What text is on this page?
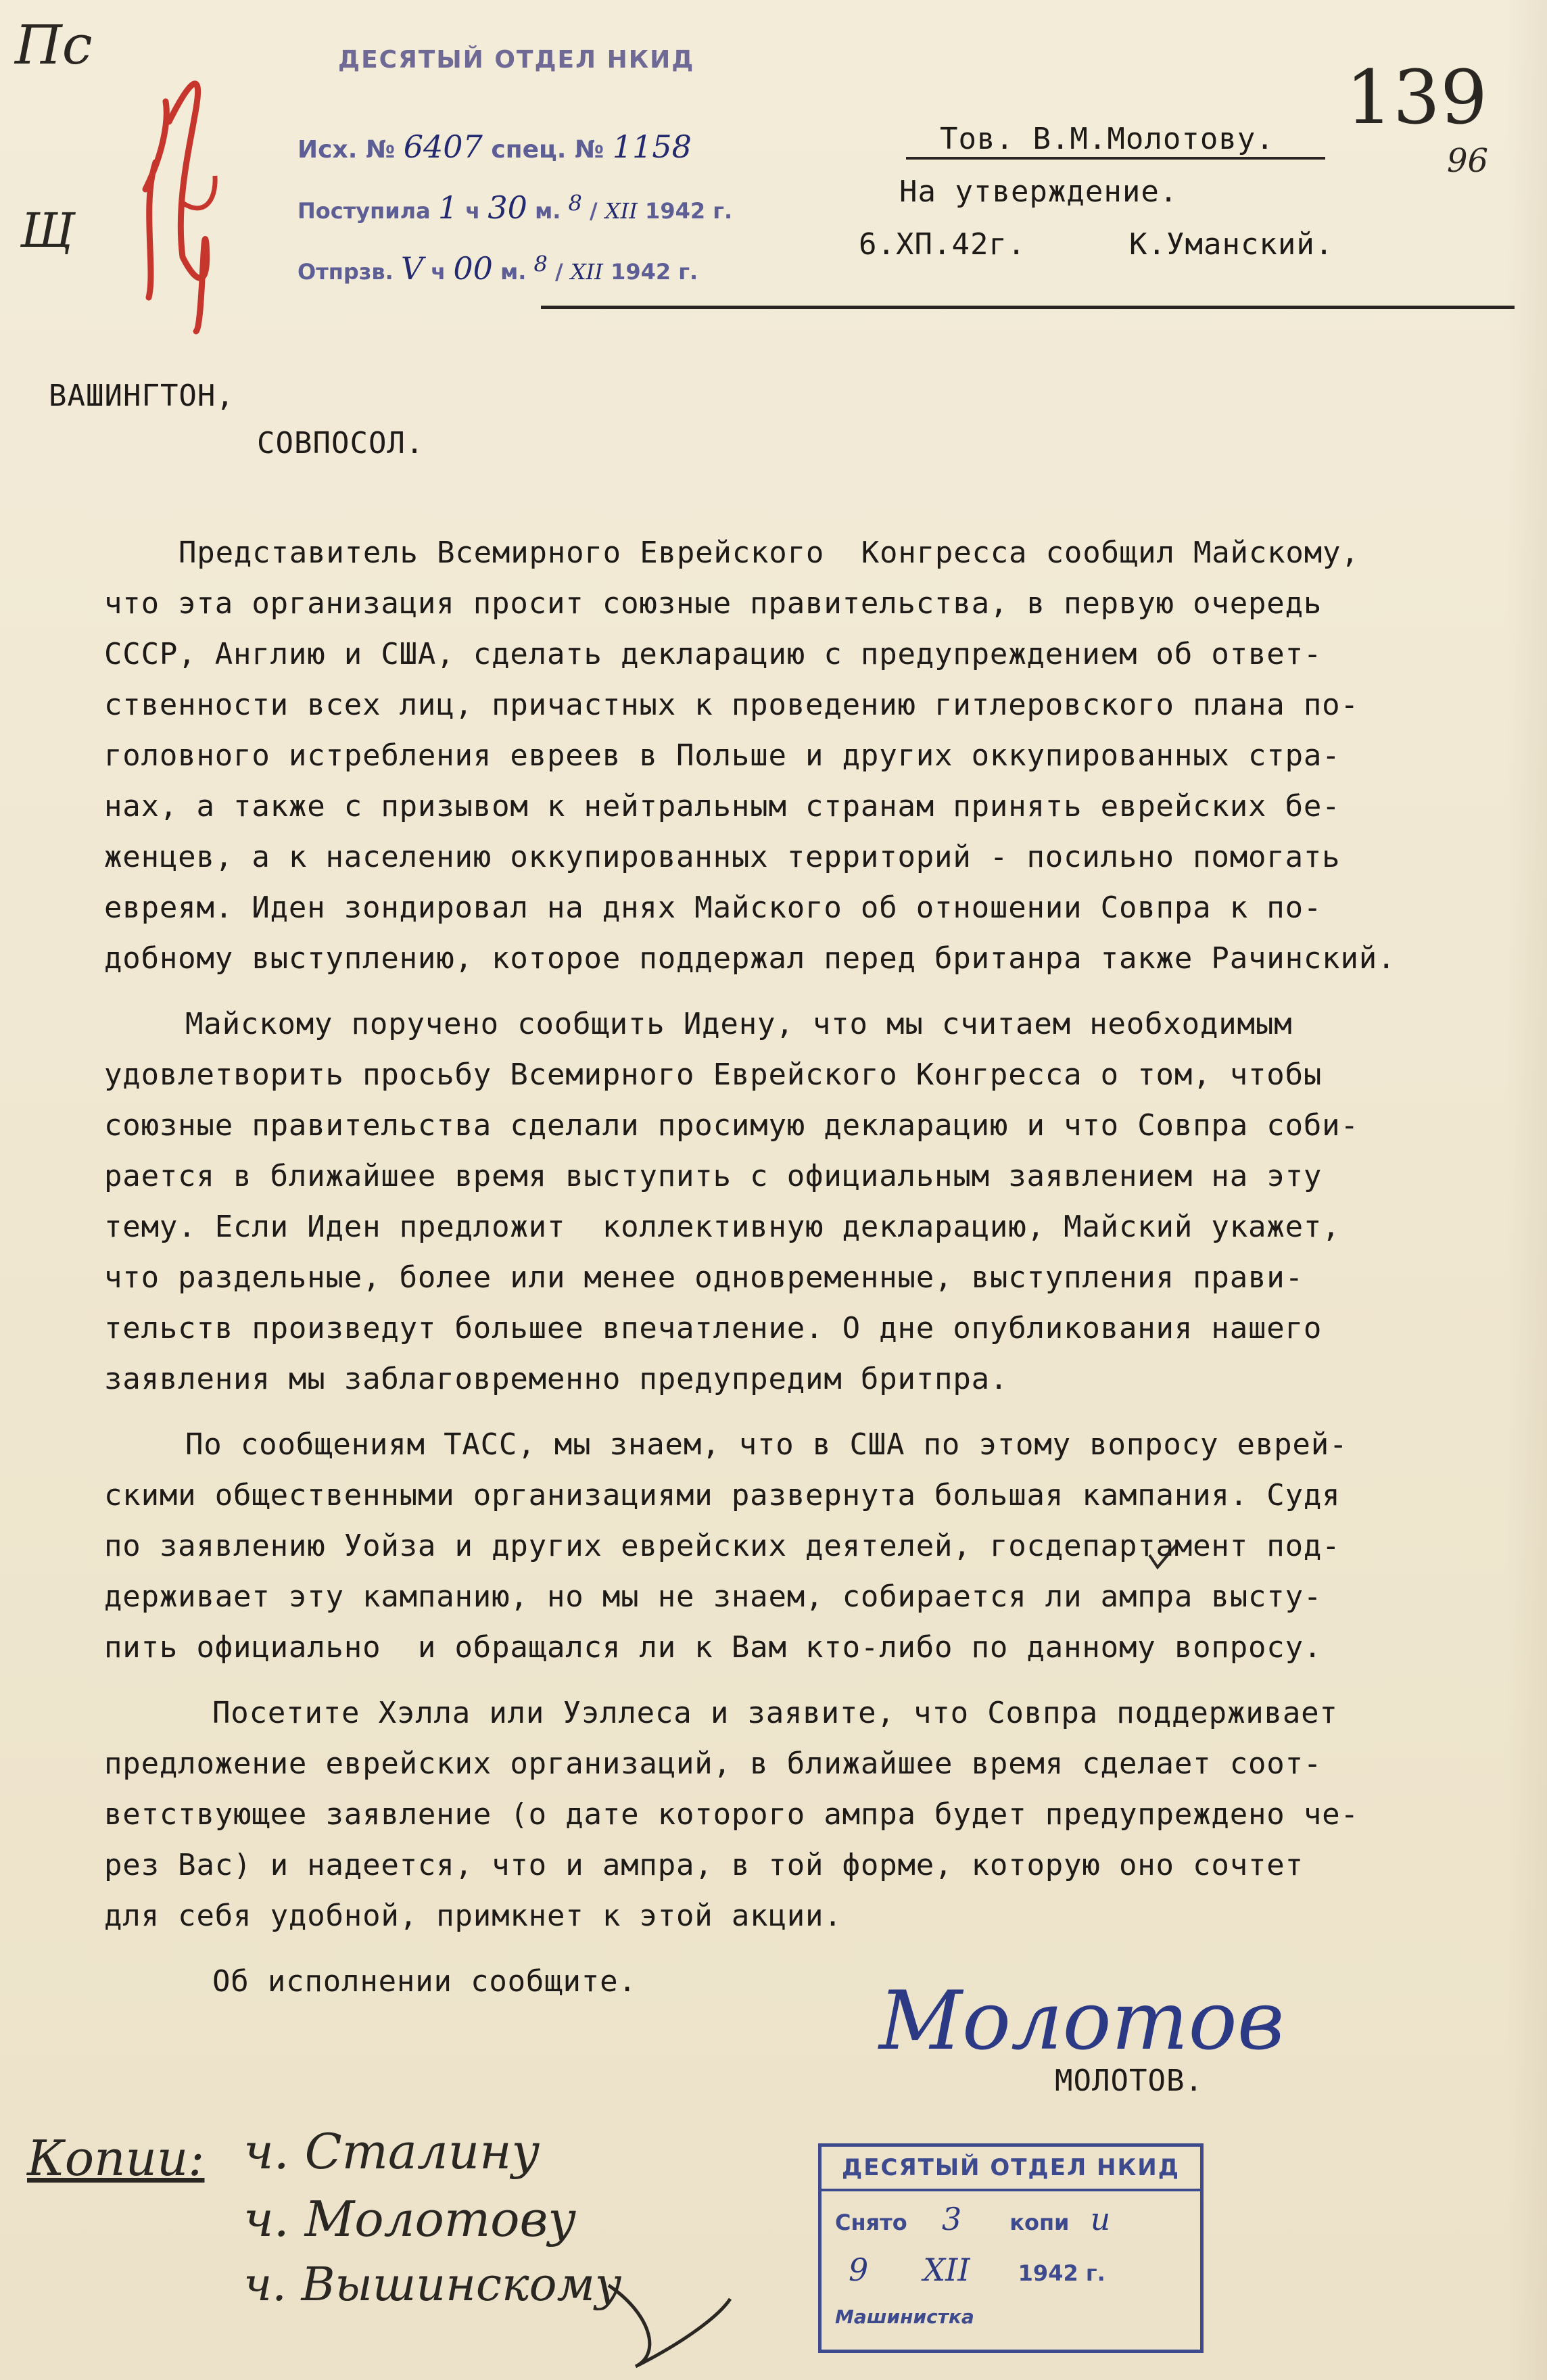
Пс
Щ
ДЕСЯТЫЙ ОТДЕЛ НКИД
Исх. № 6407 спец. № 1158
Поступила 1 ч 30 м. 8 / XII 1942 г.
Отпрзв. V ч 00 м. 8 / XII 1942 г.
Тов. В.М.Молотову.
На утверждение.
6.ХП.42г.	К.Уманский.
139
96
ВАШИНГТОН,
СОВПОСОЛ.
Представитель Всемирного Еврейского  Конгресса сообщил Майскому,
что эта организация просит союзные правительства, в первую очередь
СССР, Англию и США, сделать декларацию с предупреждением об ответ-
ственности всех лиц, причастных к проведению гитлеровского плана по-
головного истребления евреев в Польше и других оккупированных стра-
нах, а также с призывом к нейтральным странам принять еврейских бе-
женцев, а к населению оккупированных территорий - посильно помогать
евреям. Иден зондировал на днях Майского об отношении Совпра к по-
добному выступлению, которое поддержал перед британра также Рачинский.
Майскому поручено сообщить Идену, что мы считаем необходимым
удовлетворить просьбу Всемирного Еврейского Конгресса о том, чтобы
союзные правительства сделали просимую декларацию и что Совпра соби-
рается в ближайшее время выступить с официальным заявлением на эту
тему. Если Иден предложит  коллективную декларацию, Майский укажет,
что раздельные, более или менее одновременные, выступления прави-
тельств произведут большее впечатление. О дне опубликования нашего
заявления мы заблаговременно предупредим бритпра.
По сообщениям ТАСС, мы знаем, что в США по этому вопросу еврей-
скими общественными организациями развернута большая кампания. Судя
по заявлению Уойза и других еврейских деятелей, госдепартамент под-
держивает эту кампанию, но мы не знаем, собирается ли ампра высту-
пить официально  и обращался ли к Вам кто-либо по данному вопросу.
Посетите Хэлла или Уэллеса и заявите, что Совпра поддерживает
предложение еврейских организаций, в ближайшее время сделает соот-
ветствующее заявление (о дате которого ампра будет предупреждено че-
рез Вас) и надеется, что и ампра, в той форме, которую оно сочтет
для себя удобной, примкнет к этой акции.
Об исполнении сообщите.	Молотов
МОЛОТОВ.
Копии: ч. Сталину
ч. Молотову
ч. Вышинскому
ДЕСЯТЫЙ ОТДЕЛ НКИД
Снято 3 копи и
9 XII 1942 г.
Машинистка
